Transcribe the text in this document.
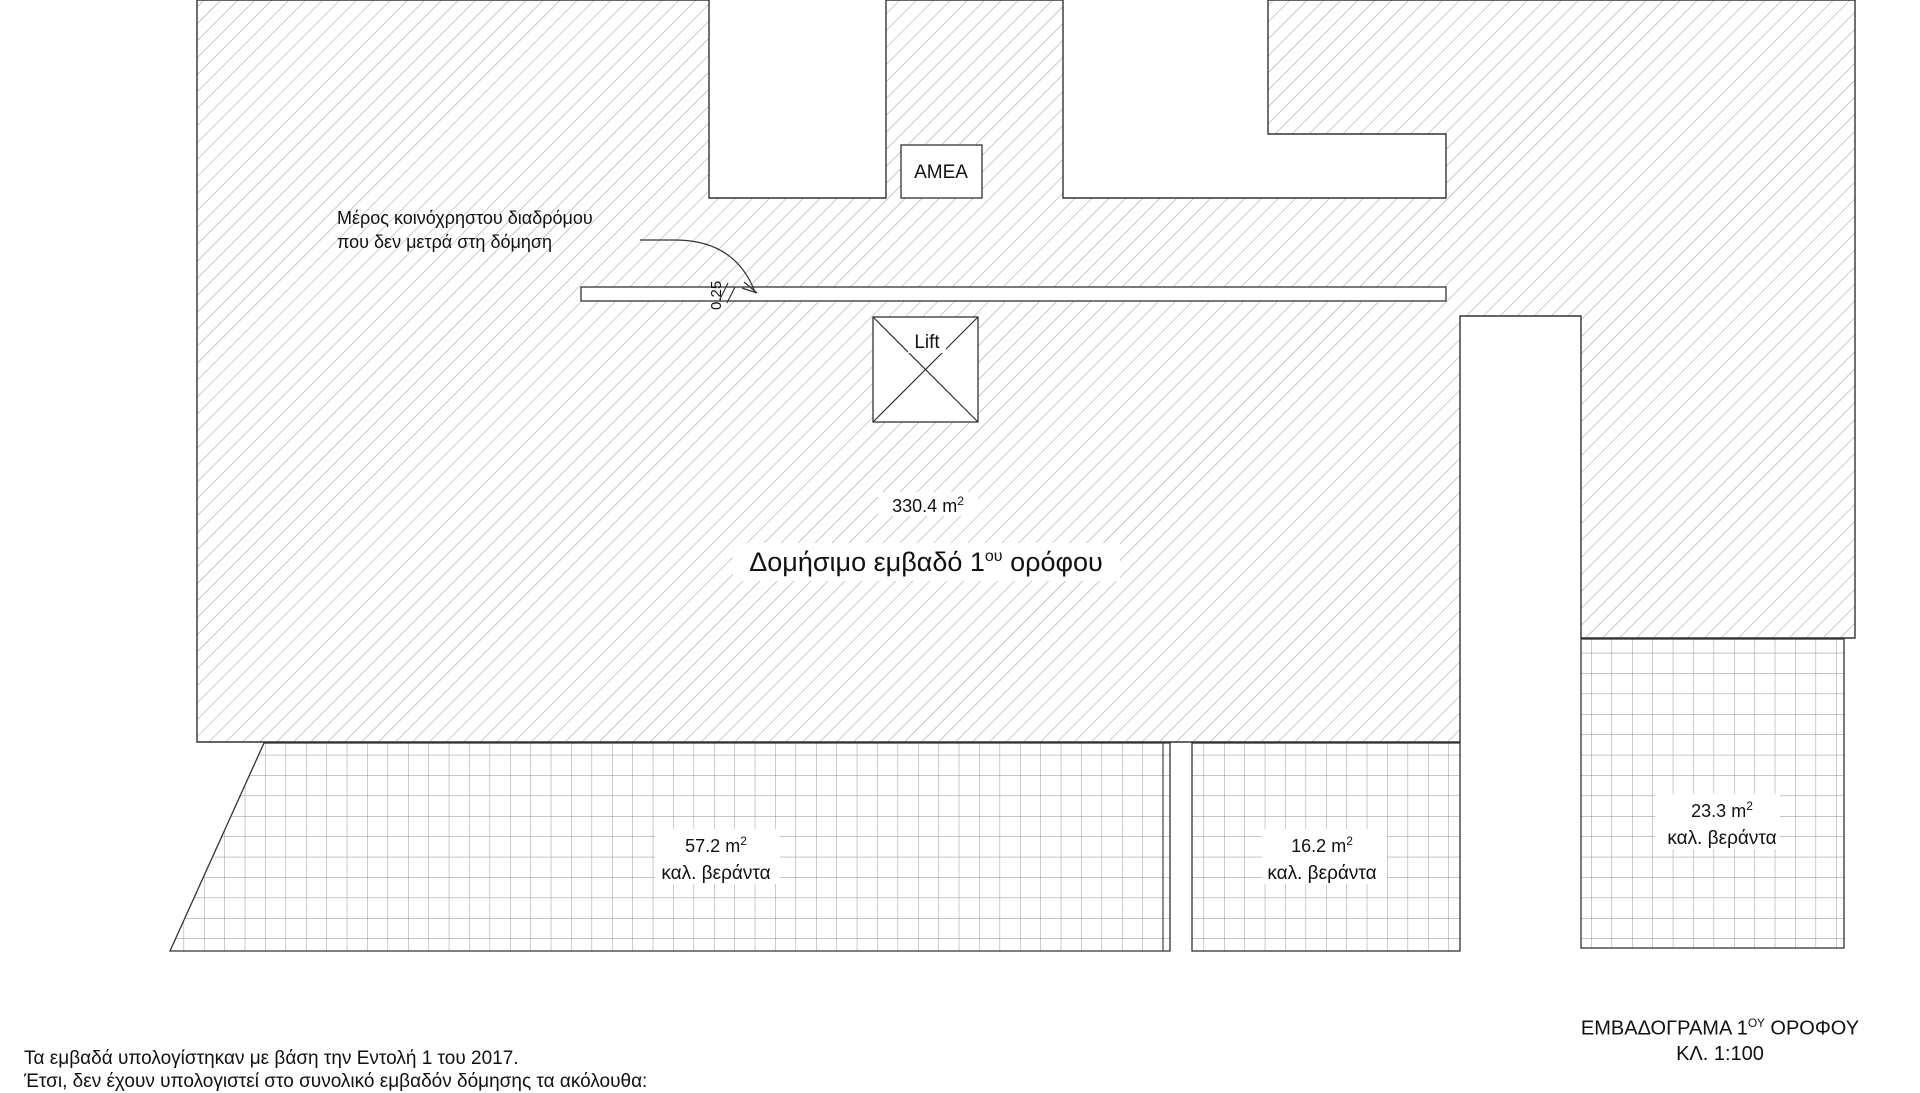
ΑΜΕΑ
Lift
Μέρος κοινόχρηστου διαδρόμου
που δεν μετρά στη δόμηση
0.25
330.4 $m^2$
Δομήσιμο εμβαδό $1^{o\upsilon}$ ορόφου
57.2 $m^2$
καλ. βεράντα
16.2 $m^2$
καλ. βεράντα
23.3 $m^2$
καλ. βεράντα
ΕΜΒΑΔΟΓΡΑΜΑ $1^{O\Upsilon}$ ΟΡΟΦΟΥ
ΚΛ. 1:100
Τα εμβαδά υπολογίστηκαν με βάση την Εντολή 1 του 2017.
Έτσι, δεν έχουν υπολογιστεί στο συνολικό εμβαδόν δόμησης τα ακόλουθα:
